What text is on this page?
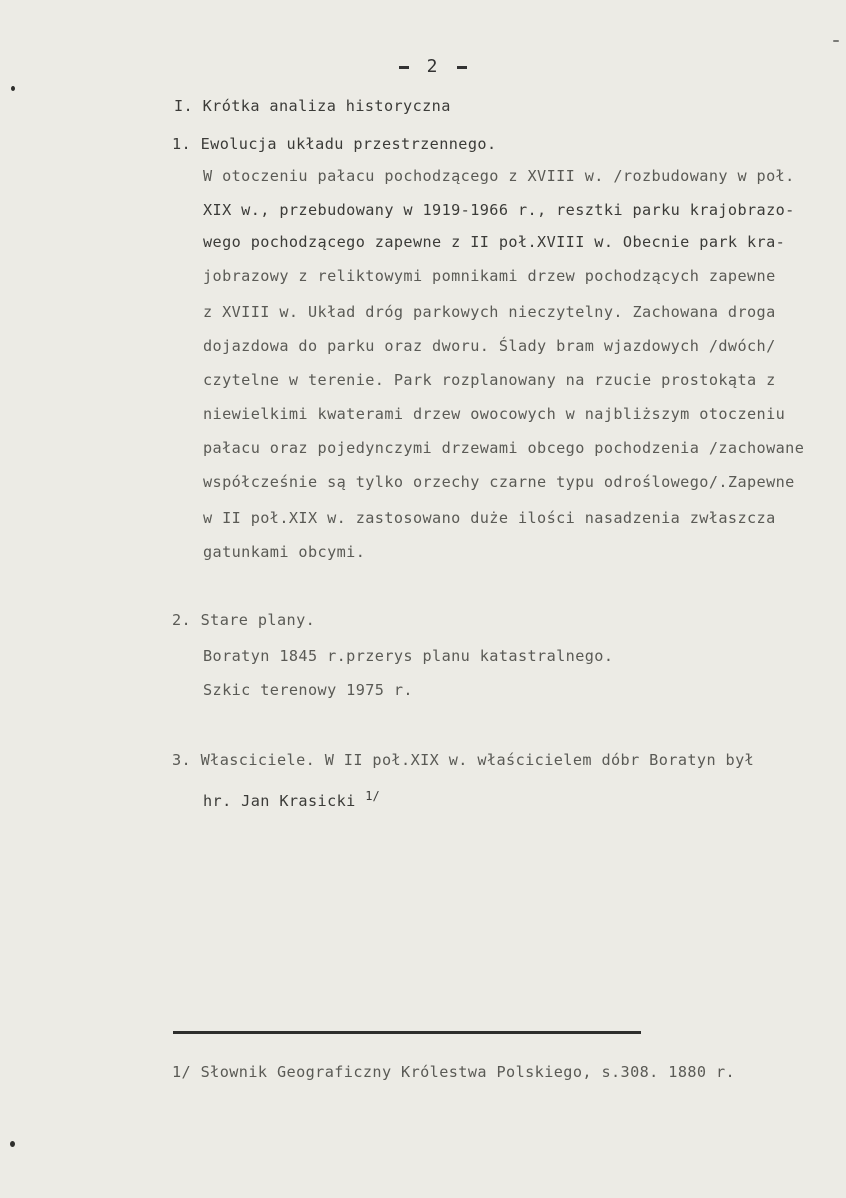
2
I. Krótka analiza historyczna
1. Ewolucja układu przestrzennego.
W otoczeniu pałacu pochodzącego z XVIII w. /rozbudowany w poł.
XIX w., przebudowany w 1919-1966 r., resztki parku krajobrazo-
wego pochodzącego zapewne z II poł.XVIII w. Obecnie park kra-
jobrazowy z reliktowymi pomnikami drzew pochodzących zapewne
z XVIII w. Układ dróg parkowych nieczytelny. Zachowana droga
dojazdowa do parku oraz dworu. Ślady bram wjazdowych /dwóch/
czytelne w terenie. Park rozplanowany na rzucie prostokąta z
niewielkimi kwaterami drzew owocowych w najbliższym otoczeniu
pałacu oraz pojedynczymi drzewami obcego pochodzenia /zachowane
współcześnie są tylko orzechy czarne typu odroślowego/.Zapewne
w II poł.XIX w. zastosowano duże ilości nasadzenia zwłaszcza
gatunkami obcymi.
2. Stare plany.
Boratyn 1845 r.przerys planu katastralnego.
Szkic terenowy 1975 r.
3. Własciciele. W II poł.XIX w. właścicielem dóbr Boratyn był
hr. Jan Krasicki $^{1/}$
1/ Słownik Geograficzny Królestwa Polskiego, s.308. 1880 r.
